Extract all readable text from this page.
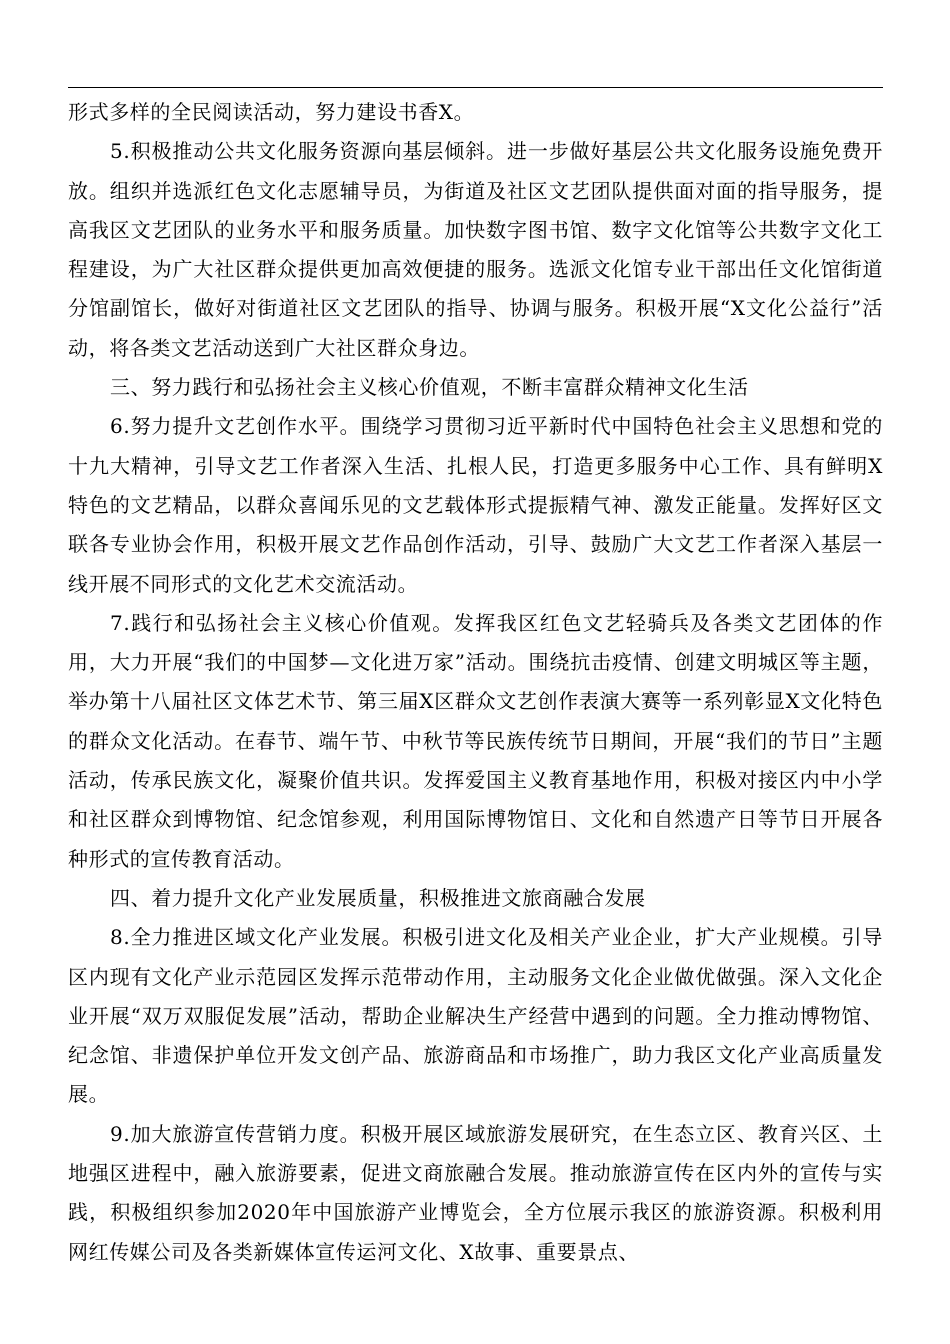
形式多样的全民阅读活动，努力建设书香X。

5.积极推动公共文化服务资源向基层倾斜。进一步做好基层公共文化服务设施免费开放。组织并选派红色文化志愿辅导员，为街道及社区文艺团队提供面对面的指导服务，提高我区文艺团队的业务水平和服务质量。加快数字图书馆、数字文化馆等公共数字文化工程建设，为广大社区群众提供更加高效便捷的服务。选派文化馆专业干部出任文化馆街道分馆副馆长，做好对街道社区文艺团队的指导、协调与服务。积极开展“X文化公益行”活动，将各类文艺活动送到广大社区群众身边。

三、努力践行和弘扬社会主义核心价值观，不断丰富群众精神文化生活

6.努力提升文艺创作水平。围绕学习贯彻习近平新时代中国特色社会主义思想和党的十九大精神，引导文艺工作者深入生活、扎根人民，打造更多服务中心工作、具有鲜明X特色的文艺精品，以群众喜闻乐见的文艺载体形式提振精气神、激发正能量。发挥好区文联各专业协会作用，积极开展文艺作品创作活动，引导、鼓励广大文艺工作者深入基层一线开展不同形式的文化艺术交流活动。

7.践行和弘扬社会主义核心价值观。发挥我区红色文艺轻骑兵及各类文艺团体的作用，大力开展“我们的中国梦—文化进万家”活动。围绕抗击疫情、创建文明城区等主题，举办第十八届社区文体艺术节、第三届X区群众文艺创作表演大赛等一系列彰显X文化特色的群众文化活动。在春节、端午节、中秋节等民族传统节日期间，开展“我们的节日”主题活动，传承民族文化，凝聚价值共识。发挥爱国主义教育基地作用，积极对接区内中小学和社区群众到博物馆、纪念馆参观，利用国际博物馆日、文化和自然遗产日等节日开展各种形式的宣传教育活动。

四、着力提升文化产业发展质量，积极推进文旅商融合发展

8.全力推进区域文化产业发展。积极引进文化及相关产业企业，扩大产业规模。引导区内现有文化产业示范园区发挥示范带动作用，主动服务文化企业做优做强。深入文化企业开展“双万双服促发展”活动，帮助企业解决生产经营中遇到的问题。全力推动博物馆、纪念馆、非遗保护单位开发文创产品、旅游商品和市场推广，助力我区文化产业高质量发展。

9.加大旅游宣传营销力度。积极开展区域旅游发展研究，在生态立区、教育兴区、土地强区进程中，融入旅游要素，促进文商旅融合发展。推动旅游宣传在区内外的宣传与实践，积极组织参加2020年中国旅游产业博览会，全方位展示我区的旅游资源。积极利用网红传媒公司及各类新媒体宣传运河文化、X故事、重要景点、
